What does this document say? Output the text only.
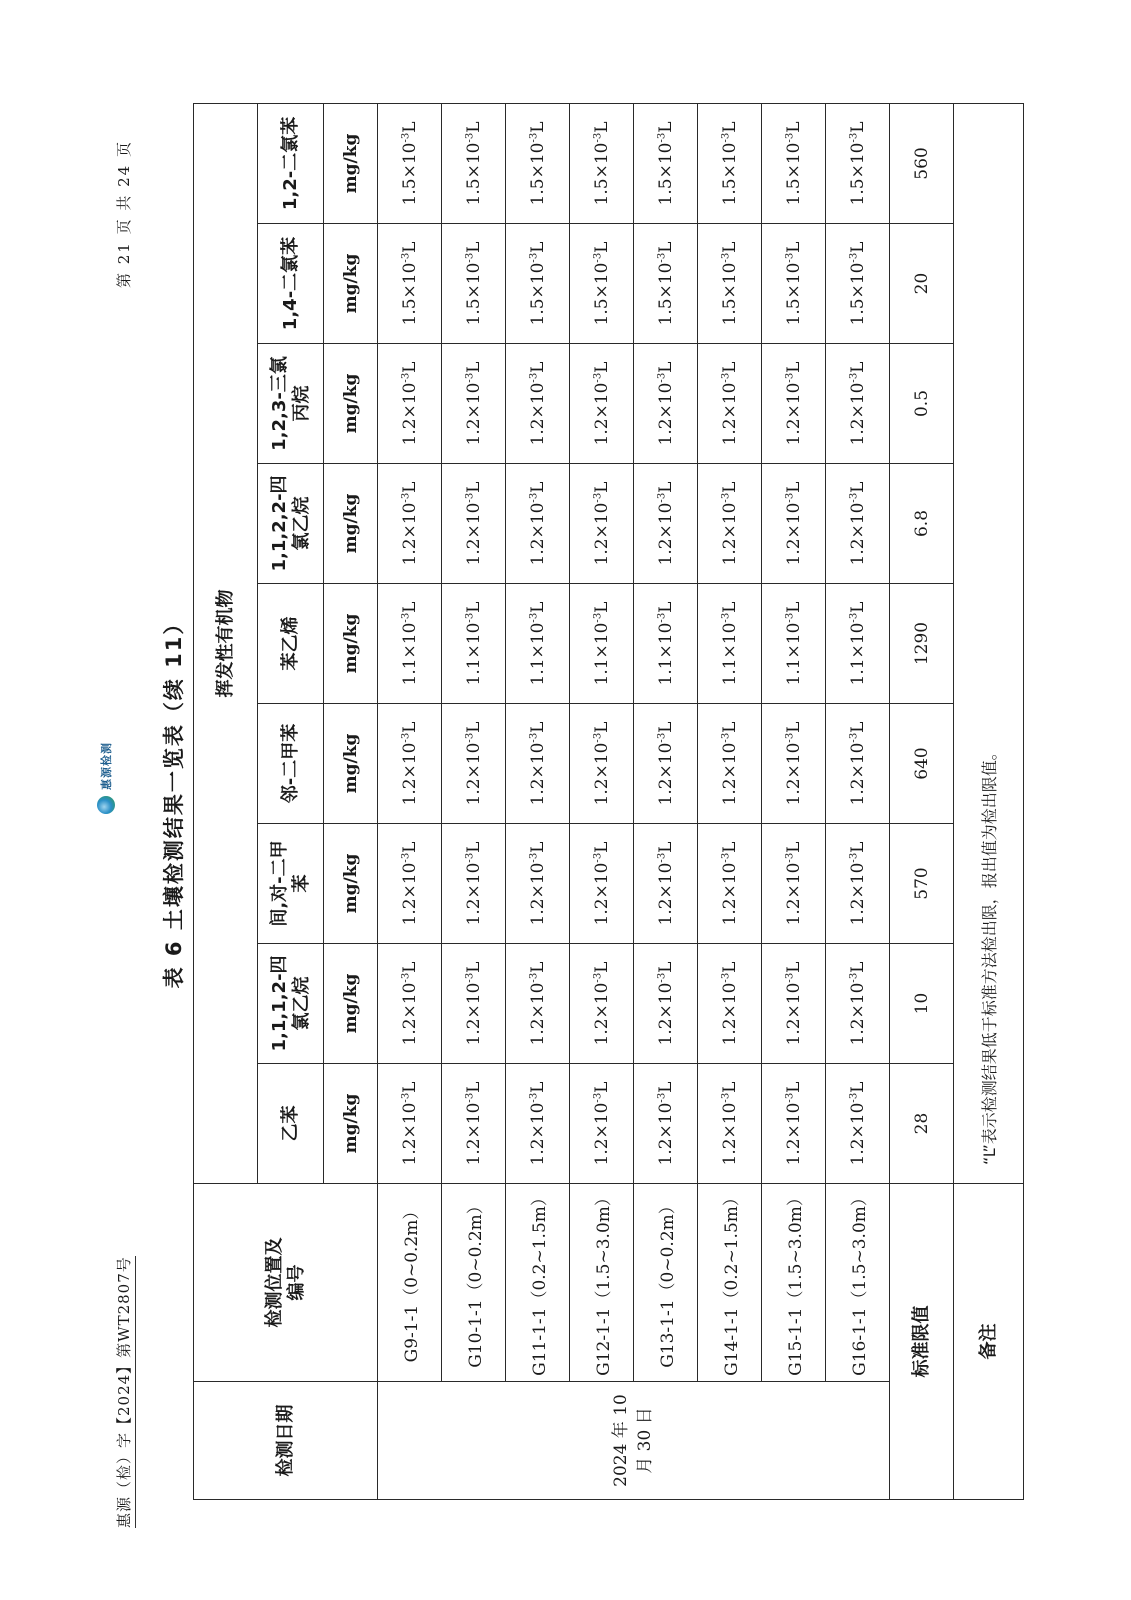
惠源（检）字【2024】第WT2807号
惠源检测
第 21 页 共 24 页
表 6 土壤检测结果一览表（续 11）
检测日期	检测位置及编号	挥发性有机物								
		乙苯	1,1,1,2-四氯乙烷	间,对-二甲苯	邻-二甲苯	苯乙烯	1,1,2,2-四氯乙烷	1,2,3-三氯丙烷	1,4-二氯苯	1,2-二氯苯
		mg/kg	mg/kg	mg/kg	mg/kg	mg/kg	mg/kg	mg/kg	mg/kg	mg/kg
2024 年 10 月 30 日	G9-1-1（0~0.2m）	$1.2\times 10^{-3}L$	$1.2\times 10^{-3}L$	$1.2\times 10^{-3}L$	$1.2\times 10^{-3}L$	$1.1\times 10^{-3}L$	$1.2\times 10^{-3}L$	$1.2\times 10^{-3}L$	$1.5\times 10^{-3}L$	$1.5\times 10^{-3}L$
	G10-1-1（0~0.2m）	$1.2\times 10^{-3}L$	$1.2\times 10^{-3}L$	$1.2\times 10^{-3}L$	$1.2\times 10^{-3}L$	$1.1\times 10^{-3}L$	$1.2\times 10^{-3}L$	$1.2\times 10^{-3}L$	$1.5\times 10^{-3}L$	$1.5\times 10^{-3}L$
	G11-1-1（0.2~1.5m）	$1.2\times 10^{-3}L$	$1.2\times 10^{-3}L$	$1.2\times 10^{-3}L$	$1.2\times 10^{-3}L$	$1.1\times 10^{-3}L$	$1.2\times 10^{-3}L$	$1.2\times 10^{-3}L$	$1.5\times 10^{-3}L$	$1.5\times 10^{-3}L$
	G12-1-1（1.5~3.0m）	$1.2\times 10^{-3}L$	$1.2\times 10^{-3}L$	$1.2\times 10^{-3}L$	$1.2\times 10^{-3}L$	$1.1\times 10^{-3}L$	$1.2\times 10^{-3}L$	$1.2\times 10^{-3}L$	$1.5\times 10^{-3}L$	$1.5\times 10^{-3}L$
	G13-1-1（0~0.2m）	$1.2\times 10^{-3}L$	$1.2\times 10^{-3}L$	$1.2\times 10^{-3}L$	$1.2\times 10^{-3}L$	$1.1\times 10^{-3}L$	$1.2\times 10^{-3}L$	$1.2\times 10^{-3}L$	$1.5\times 10^{-3}L$	$1.5\times 10^{-3}L$
	G14-1-1（0.2~1.5m）	$1.2\times 10^{-3}L$	$1.2\times 10^{-3}L$	$1.2\times 10^{-3}L$	$1.2\times 10^{-3}L$	$1.1\times 10^{-3}L$	$1.2\times 10^{-3}L$	$1.2\times 10^{-3}L$	$1.5\times 10^{-3}L$	$1.5\times 10^{-3}L$
	G15-1-1（1.5~3.0m）	$1.2\times 10^{-3}L$	$1.2\times 10^{-3}L$	$1.2\times 10^{-3}L$	$1.2\times 10^{-3}L$	$1.1\times 10^{-3}L$	$1.2\times 10^{-3}L$	$1.2\times 10^{-3}L$	$1.5\times 10^{-3}L$	$1.5\times 10^{-3}L$
	G16-1-1（1.5~3.0m）	$1.2\times 10^{-3}L$	$1.2\times 10^{-3}L$	$1.2\times 10^{-3}L$	$1.2\times 10^{-3}L$	$1.1\times 10^{-3}L$	$1.2\times 10^{-3}L$	$1.2\times 10^{-3}L$	$1.5\times 10^{-3}L$	$1.5\times 10^{-3}L$
标准限值		28	10	570	640	1290	6.8	0.5	20	560
备注		“L”表示检测结果低于标准方法检出限，报出值为检出限值。								
